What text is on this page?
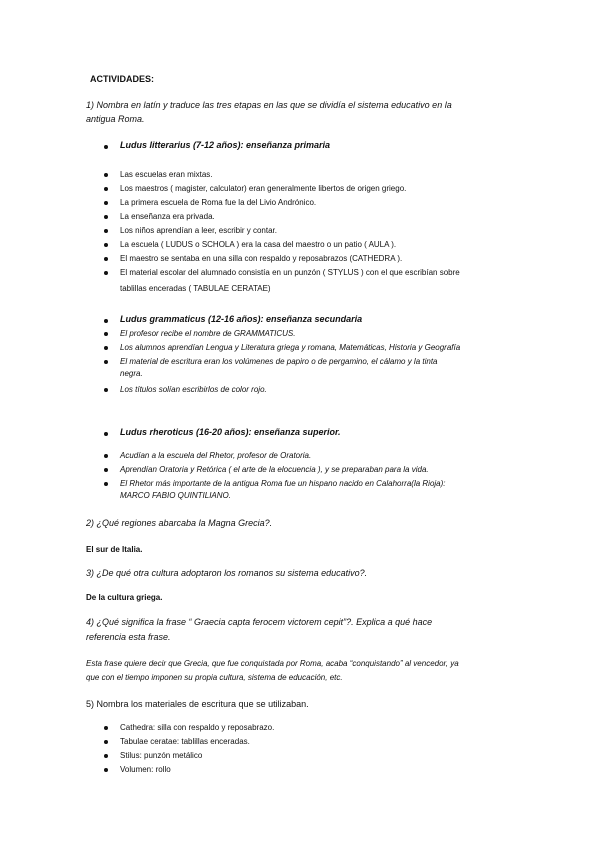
ACTIVIDADES:
1) Nombra en latín y traduce las tres etapas en las que se dividía el sistema educativo en la
antigua Roma.
Ludus litterarius (7-12 años): enseñanza primaria
Las escuelas eran mixtas.
Los maestros ( magister, calculator) eran generalmente libertos de origen griego.
La primera escuela de Roma fue la del Livio Andrónico.
La enseñanza era privada.
Los niños aprendían a leer, escribir y contar.
La escuela ( LUDUS o SCHOLA ) era la casa del maestro o un patio ( AULA ).
El maestro se sentaba en una silla con respaldo y reposabrazos (CATHEDRA ).
El material escolar del alumnado consistía en un punzón ( STYLUS ) con el que escribían sobre
tablillas enceradas ( TABULAE CERATAE)
Ludus grammaticus (12-16 años): enseñanza secundaria
El profesor recibe el nombre de GRAMMATICUS.
Los alumnos aprendían Lengua y Literatura griega y romana, Matemáticas, Historia y Geografía
El material de escritura eran los volúmenes de papiro o de pergamino, el cálamo y la tinta
negra.
Los títulos solían escribirlos de color rojo.
Ludus rheroticus (16-20 años): enseñanza superior.
Acudían a la escuela del Rhetor, profesor de Oratoria.
Aprendían Oratoria y Retórica ( el arte de la elocuencia ), y se preparaban para la vida.
El Rhetor más importante de la antigua Roma fue un hispano nacido en Calahorra(la Rioja):
MARCO FABIO QUINTILIANO.
2) ¿Qué regiones abarcaba la Magna Grecia?.
El sur de Italia.
3) ¿De qué otra cultura adoptaron los romanos su sistema educativo?.
De la cultura griega.
4) ¿Qué significa la frase “ Graecia capta ferocem victorem cepit”?. Explica a qué hace
referencia esta frase.
Esta frase quiere decir que Grecia, que fue conquistada por Roma, acaba “conquistando” al vencedor, ya
que con el tiempo imponen su propia cultura, sistema de educación, etc.
5) Nombra los materiales de escritura que se utilizaban.
Cathedra: silla con respaldo y reposabrazo.
Tabulae ceratae: tablillas enceradas.
Stilus: punzón metálico
Volumen: rollo
